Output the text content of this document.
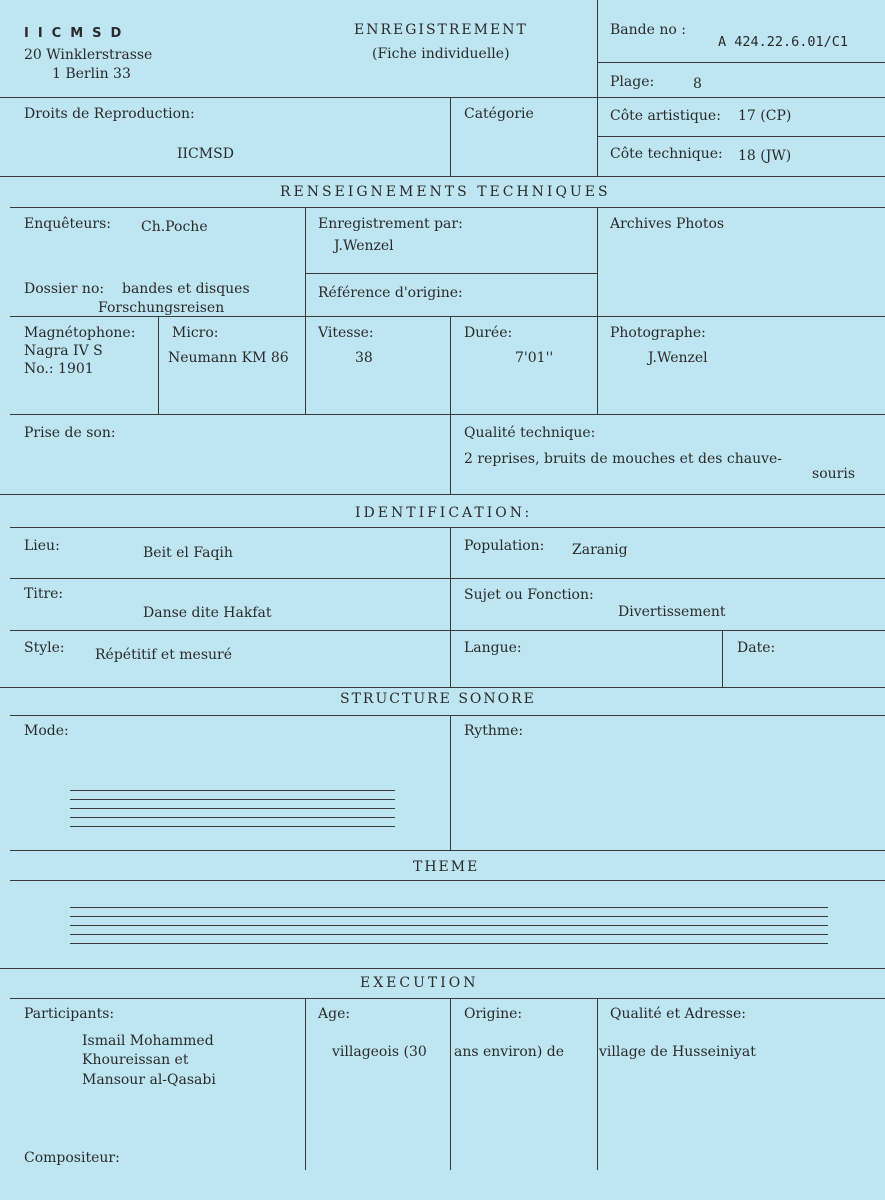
IICMSD
20 Winklerstrasse
1 Berlin 33
ENREGISTREMENT
(Fiche individuelle)
Bande no :
A 424.22.6.01/C1
Plage:	8
Droits de Reproduction:
IICMSD
Catégorie	Côte artistique: 17 (CP)
Côte technique: 18 (JW)
RENSEIGNEMENTS TECHNIQUES
Enquêteurs: Ch.Poche	Enregistrement par:
J.Wenzel
Archives Photos
Dossier no: bandes et disques
Forschungsreisen
Référence d'origine:
Magnétophone:
Nagra IV S
No.: 1901
Micro:
Neumann KM 86
Vitesse:
38
Durée:
7'01''
Photographe:
J.Wenzel
Prise de son:	Qualité technique:
2 reprises, bruits de mouches et des chauve-
souris
IDENTIFICATION:
Lieu:	Beit el Faqih	Population: Zaranig
Titre:
Danse dite Hakfat
Sujet ou Fonction:
Divertissement
Style: Répétitif et mesuré	Langue:	Date:
STRUCTURE SONORE
Mode:	Rythme:
THEME
EXECUTION
Participants:
Ismail Mohammed
Khoureissan et
Mansour al-Qasabi
Age:
villageois (30
Origine:
ans environ) de
Qualité et Adresse:
village de Husseiniyat
Compositeur:
